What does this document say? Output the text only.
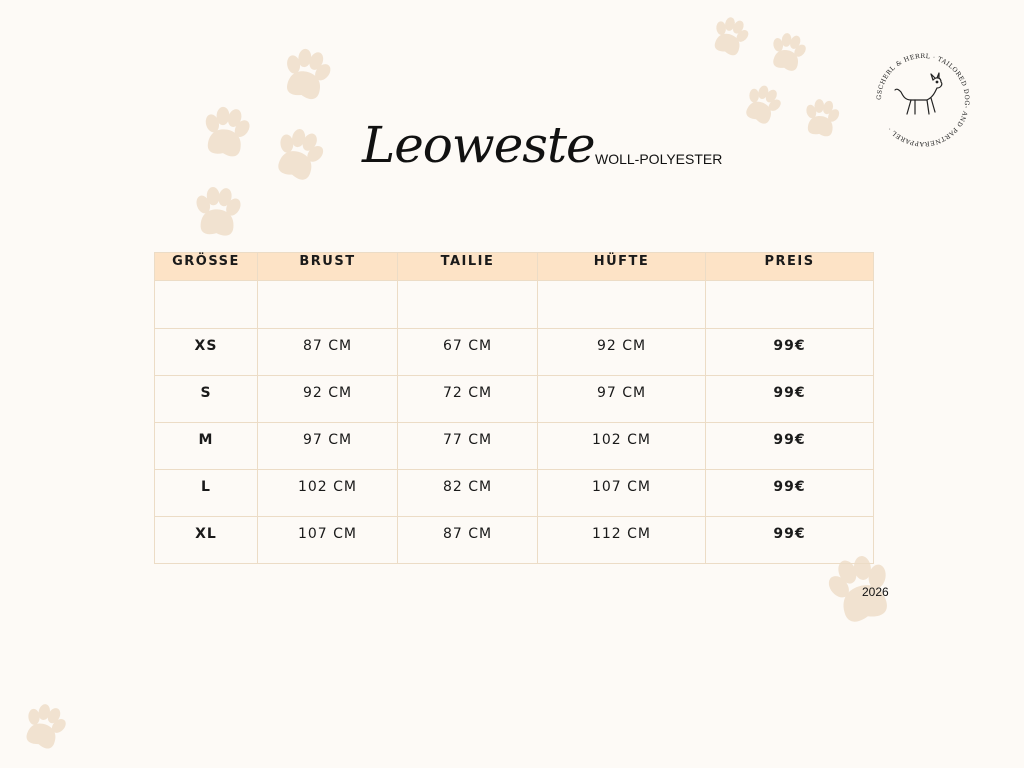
Leoweste WOLL-POLYESTER
GSCHERL & HERRL · TAILORED DOG- AND PARTNERAPPAREL ·
GRÖSSE	BRUST	TAILIE	HÜFTE	PREIS

XS	87 CM	67 CM	92 CM	99€
S	92 CM	72 CM	97 CM	99€
M	97 CM	77 CM	102 CM	99€
L	102 CM	82 CM	107 CM	99€
XL	107 CM	87 CM	112 CM	99€
2026
